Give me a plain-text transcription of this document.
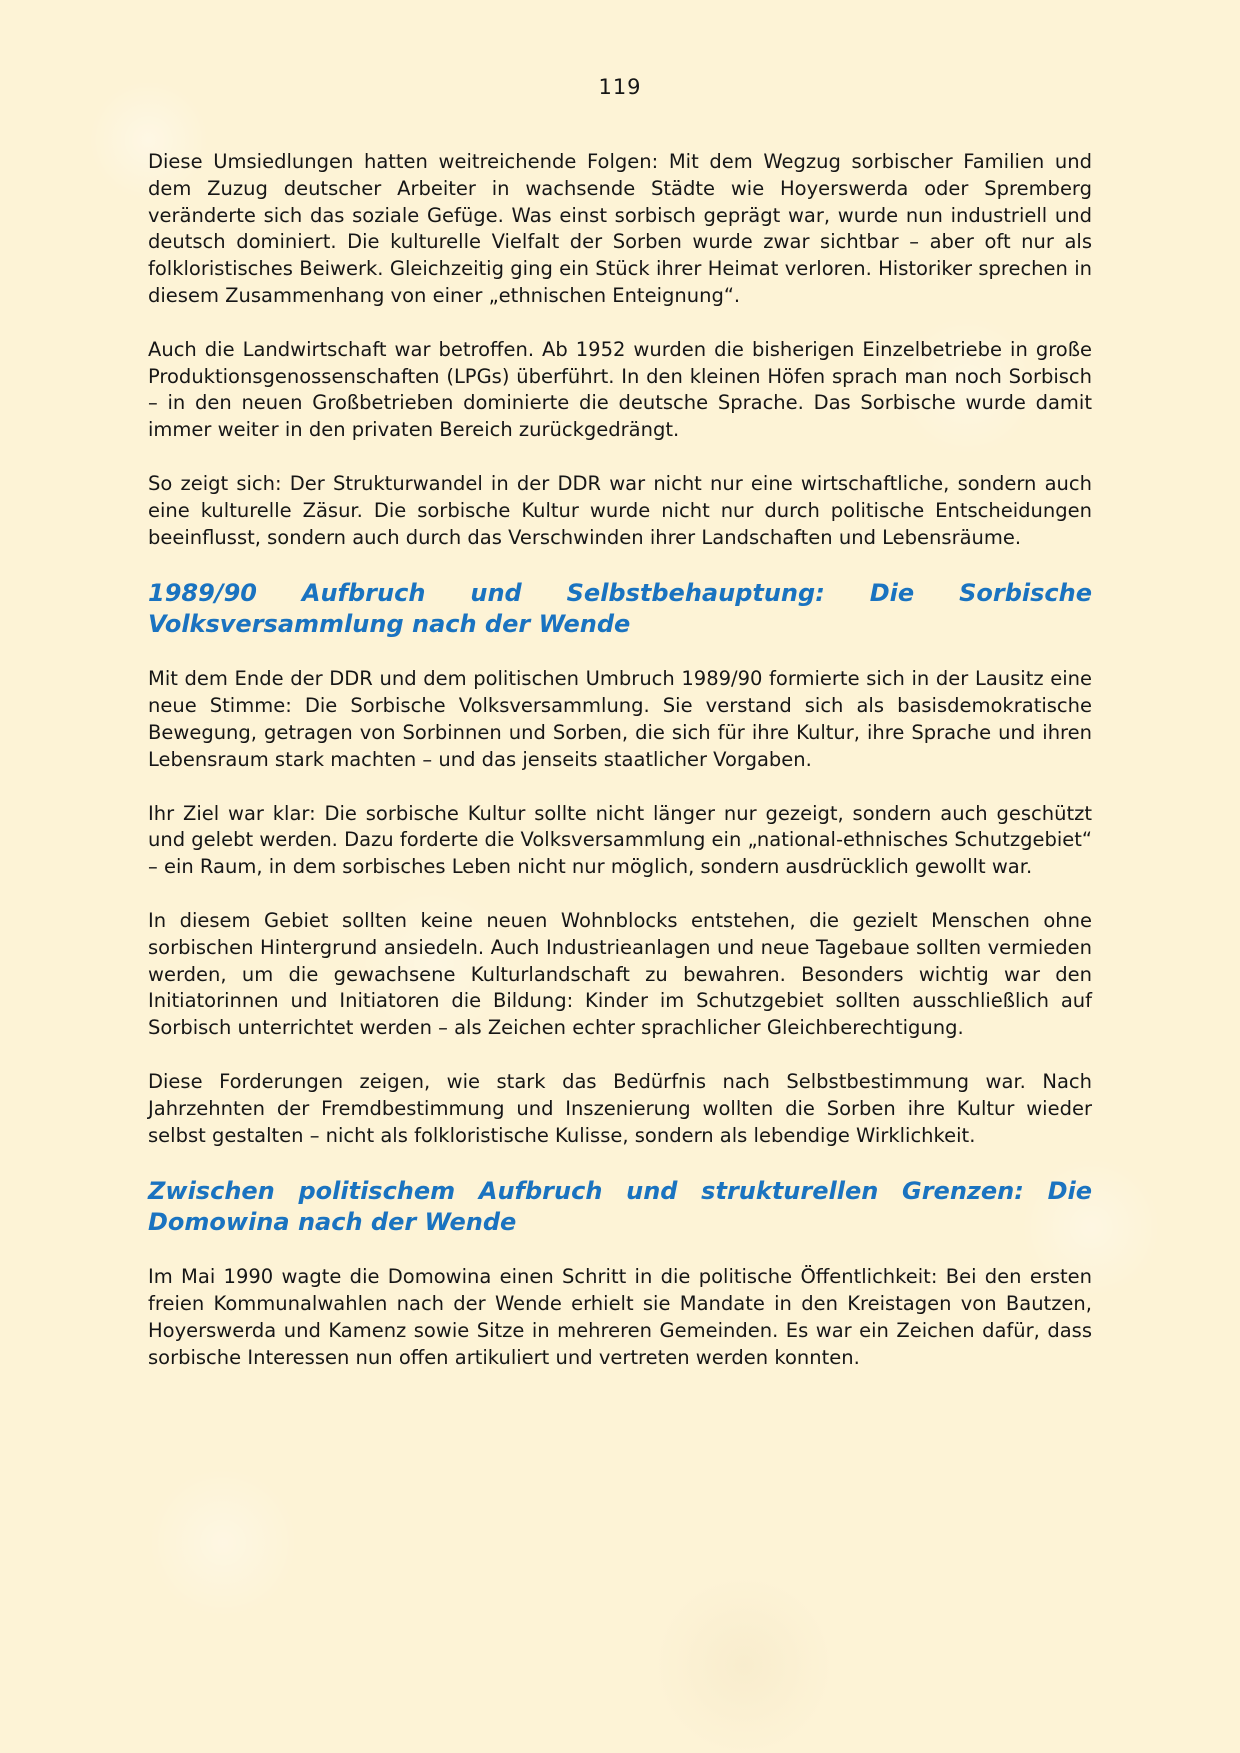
119

Diese Umsiedlungen hatten weitreichende Folgen: Mit dem Wegzug sorbischer Familien und dem Zuzug deutscher Arbeiter in wachsende Städte wie Hoyerswerda oder Spremberg veränderte sich das soziale Gefüge. Was einst sorbisch geprägt war, wurde nun industriell und deutsch dominiert. Die kulturelle Vielfalt der Sorben wurde zwar sichtbar – aber oft nur als folkloristisches Beiwerk. Gleichzeitig ging ein Stück ihrer Heimat verloren. Historiker sprechen in diesem Zusammenhang von einer „ethnischen Enteignung“.

Auch die Landwirtschaft war betroffen. Ab 1952 wurden die bisherigen Einzelbetriebe in große Produktionsgenossenschaften (LPGs) überführt. In den kleinen Höfen sprach man noch Sorbisch – in den neuen Großbetrieben dominierte die deutsche Sprache. Das Sorbische wurde damit immer weiter in den privaten Bereich zurückgedrängt.

So zeigt sich: Der Strukturwandel in der DDR war nicht nur eine wirtschaftliche, sondern auch eine kulturelle Zäsur. Die sorbische Kultur wurde nicht nur durch politische Entscheidungen beeinflusst, sondern auch durch das Verschwinden ihrer Landschaften und Lebensräume.

1989/90 Aufbruch und Selbstbehauptung: Die Sorbische Volksversammlung nach der Wende

Mit dem Ende der DDR und dem politischen Umbruch 1989/90 formierte sich in der Lausitz eine neue Stimme: Die Sorbische Volksversammlung. Sie verstand sich als basisdemokratische Bewegung, getragen von Sorbinnen und Sorben, die sich für ihre Kultur, ihre Sprache und ihren Lebensraum stark machten – und das jenseits staatlicher Vorgaben.

Ihr Ziel war klar: Die sorbische Kultur sollte nicht länger nur gezeigt, sondern auch geschützt und gelebt werden. Dazu forderte die Volksversammlung ein „national-ethnisches Schutzgebiet“ – ein Raum, in dem sorbisches Leben nicht nur möglich, sondern ausdrücklich gewollt war.

In diesem Gebiet sollten keine neuen Wohnblocks entstehen, die gezielt Menschen ohne sorbischen Hintergrund ansiedeln. Auch Industrieanlagen und neue Tagebaue sollten vermieden werden, um die gewachsene Kulturlandschaft zu bewahren. Besonders wichtig war den Initiatorinnen und Initiatoren die Bildung: Kinder im Schutzgebiet sollten ausschließlich auf Sorbisch unterrichtet werden – als Zeichen echter sprachlicher Gleichberechtigung.

Diese Forderungen zeigen, wie stark das Bedürfnis nach Selbstbestimmung war. Nach Jahrzehnten der Fremdbestimmung und Inszenierung wollten die Sorben ihre Kultur wieder selbst gestalten – nicht als folkloristische Kulisse, sondern als lebendige Wirklichkeit.

Zwischen politischem Aufbruch und strukturellen Grenzen: Die Domowina nach der Wende

Im Mai 1990 wagte die Domowina einen Schritt in die politische Öffentlichkeit: Bei den ersten freien Kommunalwahlen nach der Wende erhielt sie Mandate in den Kreistagen von Bautzen, Hoyerswerda und Kamenz sowie Sitze in mehreren Gemeinden. Es war ein Zeichen dafür, dass sorbische Interessen nun offen artikuliert und vertreten werden konnten.
